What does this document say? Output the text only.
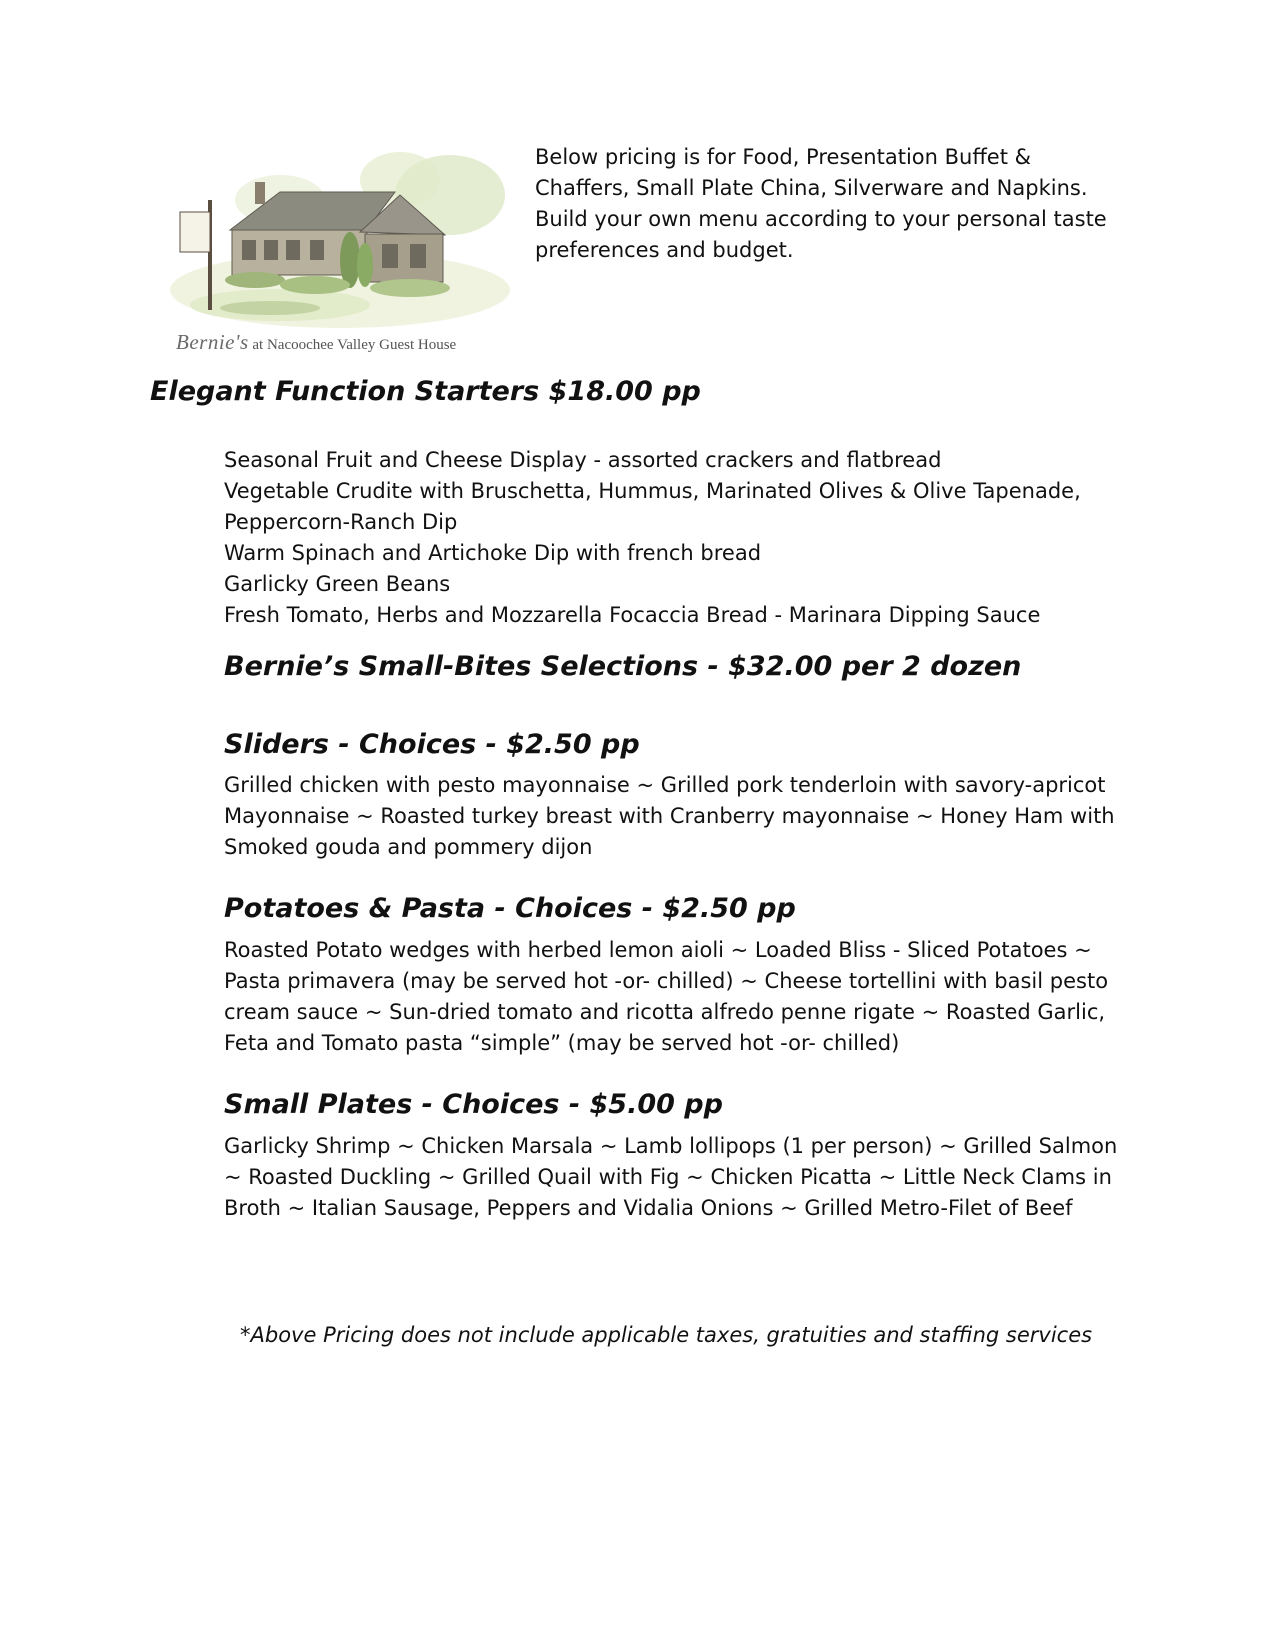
Bernie's at Nacoochee Valley Guest House
Below pricing is for Food, Presentation Buffet &
Chaffers, Small Plate China, Silverware and Napkins.
Build your own menu according to your personal taste
preferences and budget.
Elegant Function Starters $18.00 pp
Seasonal Fruit and Cheese Display - assorted crackers and flatbread
Vegetable Crudite with Bruschetta, Hummus, Marinated Olives & Olive Tapenade,
Peppercorn-Ranch Dip
Warm Spinach and Artichoke Dip with french bread
Garlicky Green Beans
Fresh Tomato, Herbs and Mozzarella Focaccia Bread - Marinara Dipping Sauce
Bernie’s Small-Bites Selections - $32.00 per 2 dozen
Sliders - Choices - $2.50 pp
Grilled chicken with pesto mayonnaise ~ Grilled pork tenderloin with savory-apricot
Mayonnaise ~ Roasted turkey breast with Cranberry mayonnaise ~ Honey Ham with
Smoked gouda and pommery dijon
Potatoes & Pasta - Choices - $2.50 pp
Roasted Potato wedges with herbed lemon aioli ~ Loaded Bliss - Sliced Potatoes ~
Pasta primavera (may be served hot -or- chilled) ~ Cheese tortellini with basil pesto
cream sauce ~ Sun-dried tomato and ricotta alfredo penne rigate ~ Roasted Garlic,
Feta and Tomato pasta “simple” (may be served hot -or- chilled)
Small Plates - Choices - $5.00 pp
Garlicky Shrimp ~ Chicken Marsala ~ Lamb lollipops (1 per person) ~ Grilled Salmon
~ Roasted Duckling ~ Grilled Quail with Fig ~ Chicken Picatta ~ Little Neck Clams in
Broth ~ Italian Sausage, Peppers and Vidalia Onions ~ Grilled Metro-Filet of Beef
*Above Pricing does not include applicable taxes, gratuities and staffing services
